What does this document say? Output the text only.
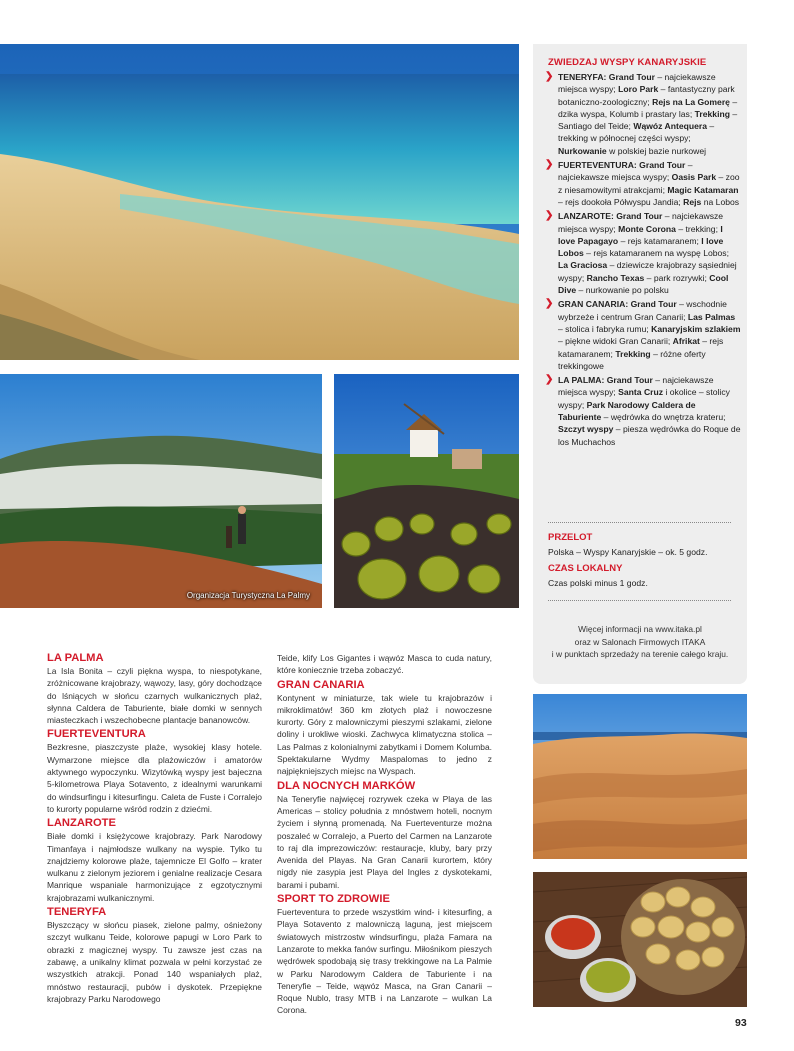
Organizacja Turystyczna La Palmy
ZWIEDZAJ WYSPY KANARYJSKIE
❯ TENERYFA: Grand Tour – najciekawsze miejsca wyspy; Loro Park – fantastyczny park botaniczno-zoologiczny; Rejs na La Gomerę – dzika wyspa, Kolumb i prastary las; Trekking – Santiago del Teide; Wąwóz Antequera – trekking w północnej części wyspy; Nurkowanie w polskiej bazie nurkowej
❯ FUERTEVENTURA: Grand Tour – najciekawsze miejsca wyspy; Oasis Park – zoo z niesamowitymi atrakcjami; Magic Katamaran – rejs dookoła Półwyspu Jandia; Rejs na Lobos
❯ LANZAROTE: Grand Tour – najciekawsze miejsca wyspy; Monte Corona – trekking; I love Papagayo – rejs katamaranem; I love Lobos – rejs katamaranem na wyspę Lobos; La Graciosa – dziewicze krajobrazy sąsiedniej wyspy; Rancho Texas – park rozrywki; Cool Dive – nurkowanie po polsku
❯ GRAN CANARIA: Grand Tour – wschodnie wybrzeże i centrum Gran Canarii; Las Palmas – stolica i fabryka rumu; Kanaryjskim szlakiem – piękne widoki Gran Canarii; Afrikat – rejs katamaranem; Trekking – różne oferty trekkingowe
❯ LA PALMA: Grand Tour – najciekawsze miejsca wyspy; Santa Cruz i okolice – stolicy wyspy; Park Narodowy Caldera de Taburiente – wędrówka do wnętrza krateru; Szczyt wyspy – piesza wędrówka do Roque de los Muchachos
PRZELOT
Polska – Wyspy Kanaryjskie – ok. 5 godz.
CZAS LOKALNY
Czas polski minus 1 godz.
Więcej informacji na www.itaka.pl
oraz w Salonach Firmowych ITAKA
i w punktach sprzedaży na terenie całego kraju.
LA PALMA

La Isla Bonita – czyli piękna wyspa, to niespotykane, zróżnicowane krajobrazy, wąwozy, lasy, góry dochodzące do lśniących w słońcu czarnych wulkanicznych plaż, słynna Caldera de Taburiente, białe domki w sennych miasteczkach i wszechobecne plantacje bananowców.

FUERTEVENTURA

Bezkresne, piaszczyste plaże, wysokiej klasy hotele. Wymarzone miejsce dla plażowiczów i amatorów aktywnego wypoczynku. Wizytówką wyspy jest bajeczna 5-kilometrowa Playa Sotavento, z idealnymi warunkami do windsurfingu i kitesurfingu. Caleta de Fuste i Corralejo to kurorty popularne wśród rodzin z dziećmi.

LANZAROTE

Białe domki i księżycowe krajobrazy. Park Narodowy Timanfaya i najmłodsze wulkany na wyspie. Tylko tu znajdziemy kolorowe plaże, tajemnicze El Golfo – krater wulkanu z zielonym jeziorem i genialne realizacje Cesara Manrique wspaniale harmonizujące z egzotycznymi krajobrazami wulkanicznymi.

TENERYFA

Błyszczący w słońcu piasek, zielone palmy, ośnieżony szczyt wulkanu Teide, kolorowe papugi w Loro Park to obrazki z magicznej wyspy. Tu zawsze jest czas na zabawę, a unikalny klimat pozwala w pełni korzystać ze wszystkich atrakcji. Ponad 140 wspaniałych plaż, mnóstwo restauracji, pubów i dyskotek. Przepiękne krajobrazy Parku Narodowego

Teide, klify Los Gigantes i wąwóz Masca to cuda natury, które koniecznie trzeba zobaczyć.

GRAN CANARIA

Kontynent w miniaturze, tak wiele tu krajobrazów i mikroklimatów! 360 km złotych plaż i nowoczesne kurorty. Góry z malowniczymi pieszymi szlakami, zielone doliny i urokliwe wioski. Zachwyca klimatyczna stolica – Las Palmas z kolonialnymi zabytkami i Domem Kolumba. Spektakularne Wydmy Maspalomas to jedno z najpiękniejszych miejsc na Wyspach.

DLA NOCNYCH MARKÓW

Na Teneryfie najwięcej rozrywek czeka w Playa de las Americas – stolicy południa z mnóstwem hoteli, nocnym życiem i słynną promenadą. Na Fuerteventurze można poszaleć w Corralejo, a Puerto del Carmen na Lanzarote to raj dla imprezowiczów: restauracje, kluby, bary przy Avenida del Playas. Na Gran Canarii kurortem, który nigdy nie zasypia jest Playa del Ingles z dyskotekami, barami i pubami.

SPORT TO ZDROWIE

Fuerteventura to przede wszystkim wind- i kitesurfing, a Playa Sotavento z malowniczą laguną, jest miejscem światowych mistrzostw windsurfingu, plaża Famara na Lanzarote to mekka fanów surfingu. Miłośnikom pieszych wędrówek spodobają się trasy trekkingowe na La Palmie w Parku Narodowym Caldera de Taburiente i na Teneryfie – Teide, wąwóz Masca, na Gran Canarii – Roque Nublo, trasy MTB i na Lanzarote – wulkan La Corona.

93
